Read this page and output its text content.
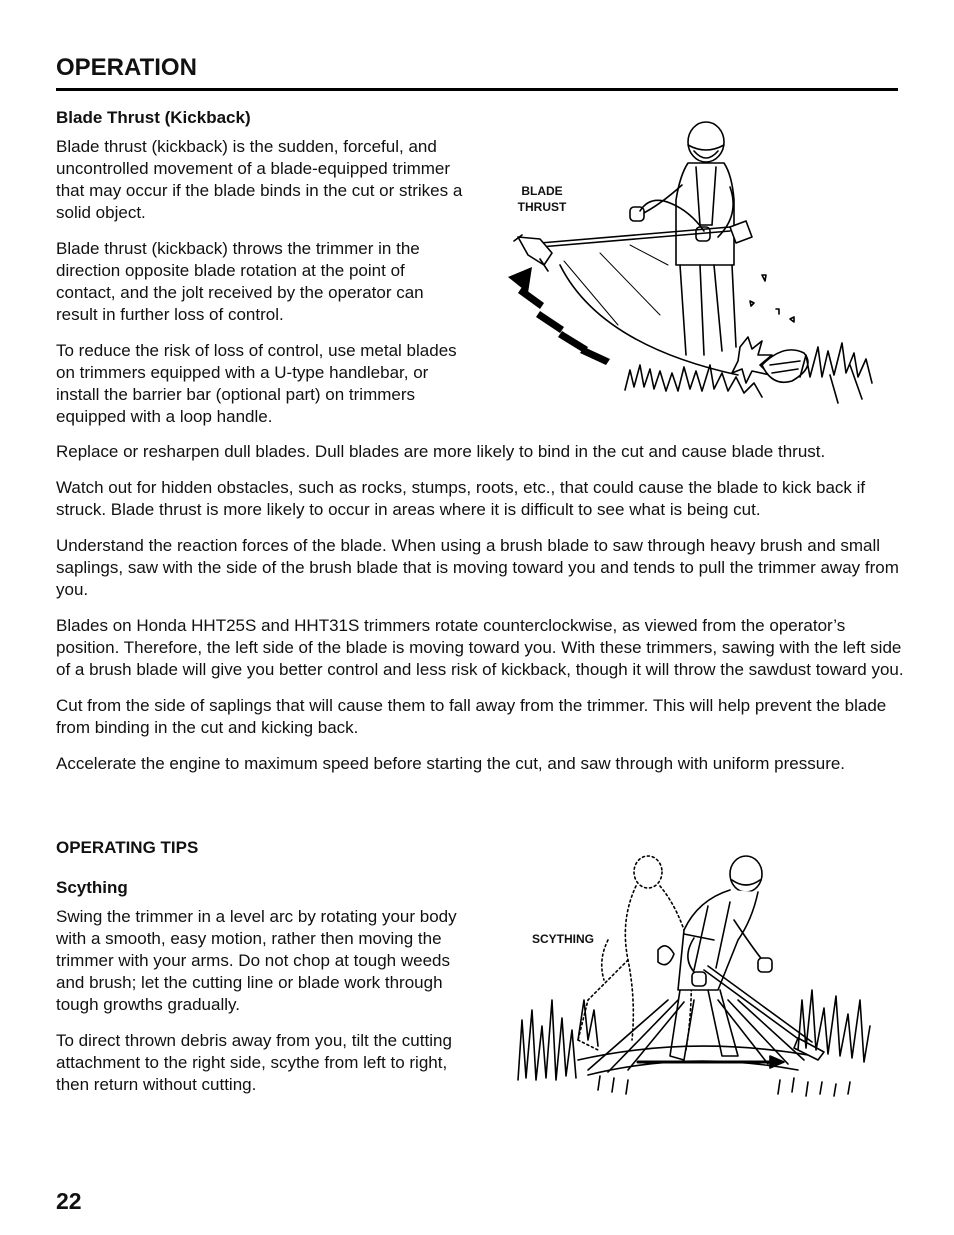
OPERATION
Blade Thrust (Kickback)

Blade thrust (kickback) is the sudden, forceful, and uncontrolled movement of a blade-equipped trimmer that may occur if the blade binds in the cut or strikes a solid object.

Blade thrust (kickback) throws the trimmer in the direction opposite blade rotation at the point of contact, and the jolt received by the operator can result in further loss of control.

To reduce the risk of loss of control, use metal blades on trimmers equipped with a U-type handlebar, or install the barrier bar (optional part) on trimmers equipped with a loop handle.

BLADE
THRUST

Replace or resharpen dull blades. Dull blades are more likely to bind in the cut and cause blade thrust.

Watch out for hidden obstacles, such as rocks, stumps, roots, etc., that could cause the blade to kick back if struck. Blade thrust is more likely to occur in areas where it is difficult to see what is being cut.

Understand the reaction forces of the blade. When using a brush blade to saw through heavy brush and small saplings, saw with the side of the brush blade that is moving toward you and tends to pull the trimmer away from you.

Blades on Honda HHT25S and HHT31S trimmers rotate counterclockwise, as viewed from the operator’s position. Therefore, the left side of the blade is moving toward you. With these trimmers, sawing with the left side of a brush blade will give you better control and less risk of kickback, though it will throw the sawdust toward you.

Cut from the side of saplings that will cause them to fall away from the trimmer. This will help prevent the blade from binding in the cut and kicking back.

Accelerate the engine to maximum speed before starting the cut, and saw through with uniform pressure.

OPERATING TIPS
Scything

Swing the trimmer in a level arc by rotating your body with a smooth, easy motion, rather then moving the trimmer with your arms. Do not chop at tough weeds and brush; let the cutting line or blade work through tough growths gradually.

To direct thrown debris away from you, tilt the cutting attachment to the right side, scythe from left to right, then return without cutting.

SCYTHING
22
